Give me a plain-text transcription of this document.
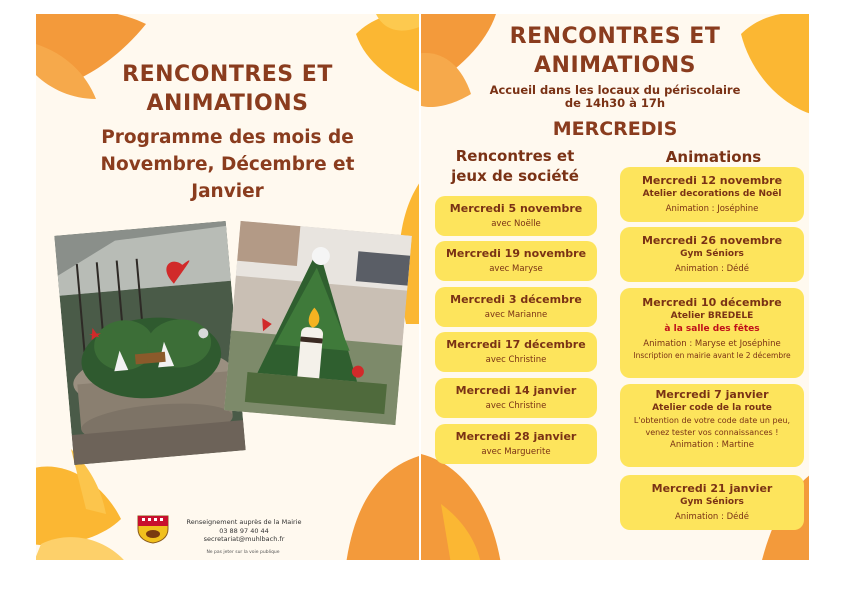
RENCONTRES ET
ANIMATIONS
Programme des mois de
Novembre, Décembre et
Janvier
Renseignement auprès de la Mairie
03 88 97 40 44
secretariat@muhlbach.fr
Ne pas jeter sur la voie publique
RENCONTRES ET
ANIMATIONS
Accueil dans les locaux du périscolaire
de 14h30 à 17h
MERCREDIS
Rencontres et
jeux de société
Animations
Mercredi 5 novembre
avec Noëlle
Mercredi 19 novembre
avec Maryse
Mercredi 3 décembre
avec Marianne
Mercredi 17 décembre
avec Christine
Mercredi 14 janvier
avec Christine
Mercredi 28 janvier
avec Marguerite
Mercredi 12 novembre
Atelier decorations de Noël
Animation : Joséphine
Mercredi 26 novembre
Gym Séniors
Animation : Dédé
Mercredi 10 décembre
Atelier BREDELE
à la salle des fêtes
Animation : Maryse et Joséphine
Inscription en mairie avant le 2 décembre
Mercredi 7 janvier
Atelier code de la route
L'obtention de votre code date un peu,
venez tester vos connaissances !
Animation : Martine
Mercredi 21 janvier
Gym Séniors
Animation : Dédé
